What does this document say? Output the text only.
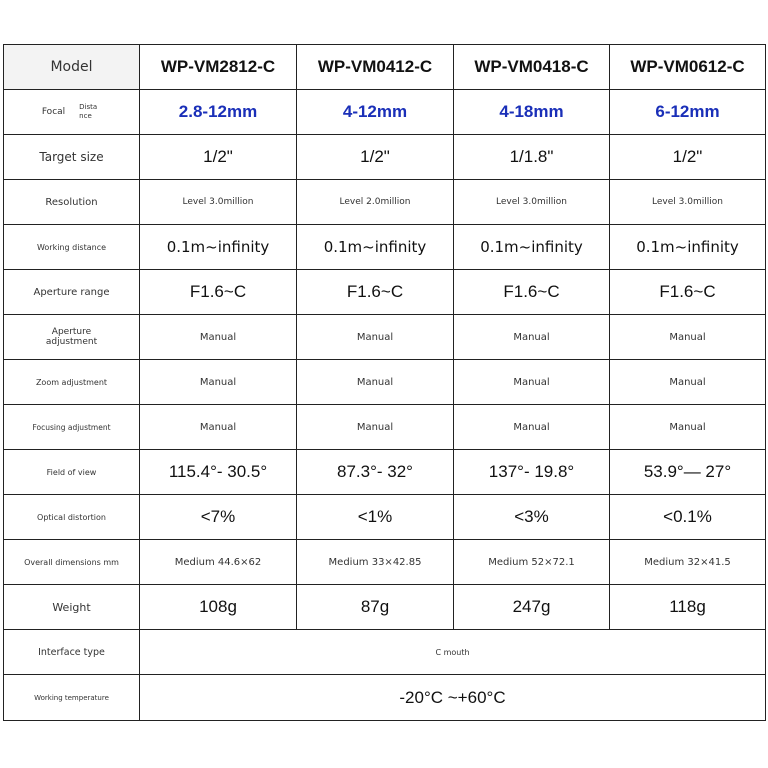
Model	WP-VM2812-C	WP-VM0412-C	WP-VM0418-C	WP-VM0612-C

Focal Distance	2.8-12mm	4-12mm	4-18mm	6-12mm
Target size	1/2"	1/2"	1/1.8"	1/2"
Resolution	Level 3.0million	Level 2.0million	Level 3.0million	Level 3.0million
Working distance	0.1m~infinity	0.1m~infinity	0.1m~infinity	0.1m~infinity
Aperture range	F1.6~C	F1.6~C	F1.6~C	F1.6~C
Aperture adjustment	Manual	Manual	Manual	Manual
Zoom adjustment	Manual	Manual	Manual	Manual
Focusing adjustment	Manual	Manual	Manual	Manual
Field of view	115.4°- 30.5°	87.3°- 32°	137°- 19.8°	53.9°— 27°
Optical distortion	<7%	<1%	<3%	<0.1%
Overall dimensions mm	Medium 44.6×62	Medium 33×42.85	Medium 52×72.1	Medium 32×41.5
Weight	108g	87g	247g	118g
Interface type	C mouth			
Working temperature	-20°C ~+60°C			
